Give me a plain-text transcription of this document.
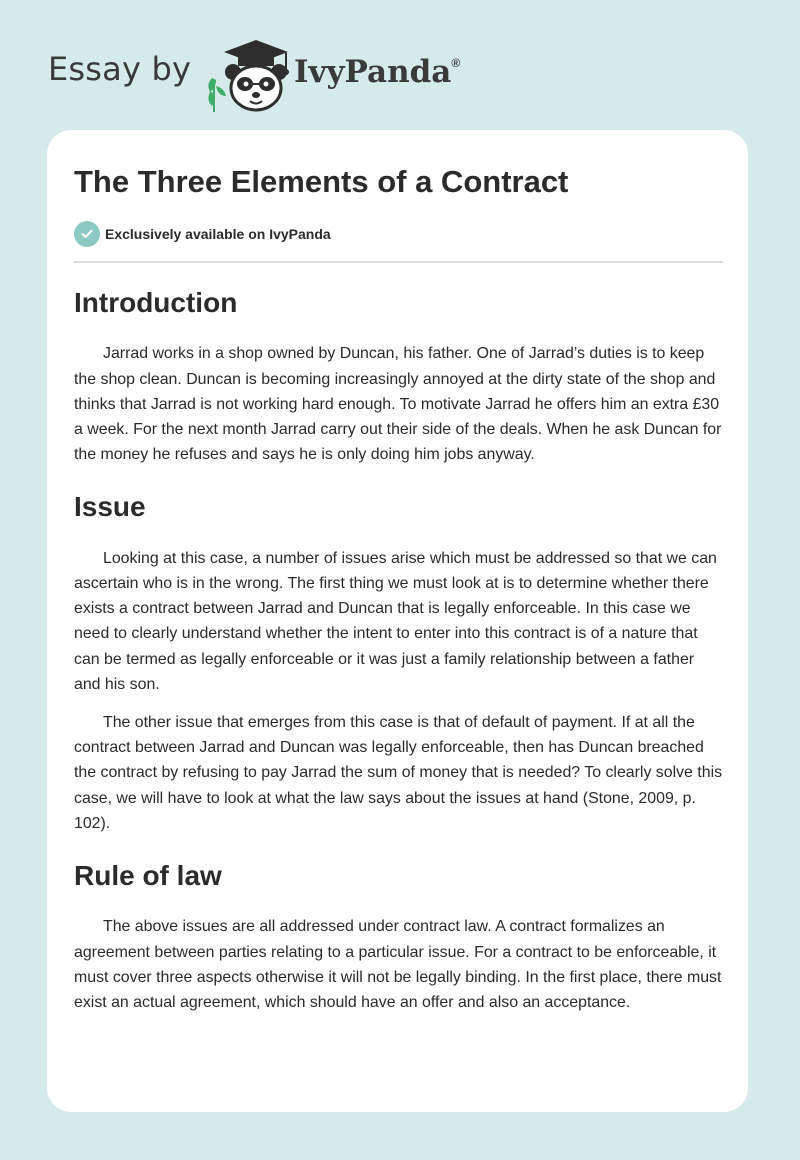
Essay by	IvyPanda®
The Three Elements of a Contract
Exclusively available on IvyPanda
Introduction

Jarrad works in a shop owned by Duncan, his father. One of Jarrad’s duties is to keep the shop clean. Duncan is becoming increasingly annoyed at the dirty state of the shop and thinks that Jarrad is not working hard enough. To motivate Jarrad he offers him an extra £30 a week. For the next month Jarrad carry out their side of the deals. When he ask Duncan for the money he refuses and says he is only doing him jobs anyway.

Issue

Looking at this case, a number of issues arise which must be addressed so that we can ascertain who is in the wrong. The first thing we must look at is to determine whether there exists a contract between Jarrad and Duncan that is legally enforceable. In this case we need to clearly understand whether the intent to enter into this contract is of a nature that can be termed as legally enforceable or it was just a family relationship between a father and his son.

The other issue that emerges from this case is that of default of payment. If at all the contract between Jarrad and Duncan was legally enforceable, then has Duncan breached the contract by refusing to pay Jarrad the sum of money that is needed? To clearly solve this case, we will have to look at what the law says about the issues at hand (Stone, 2009, p. 102).

Rule of law

The above issues are all addressed under contract law. A contract formalizes an agreement between parties relating to a particular issue. For a contract to be enforceable, it must cover three aspects otherwise it will not be legally binding. In the first place, there must exist an actual agreement, which should have an offer and also an acceptance.
